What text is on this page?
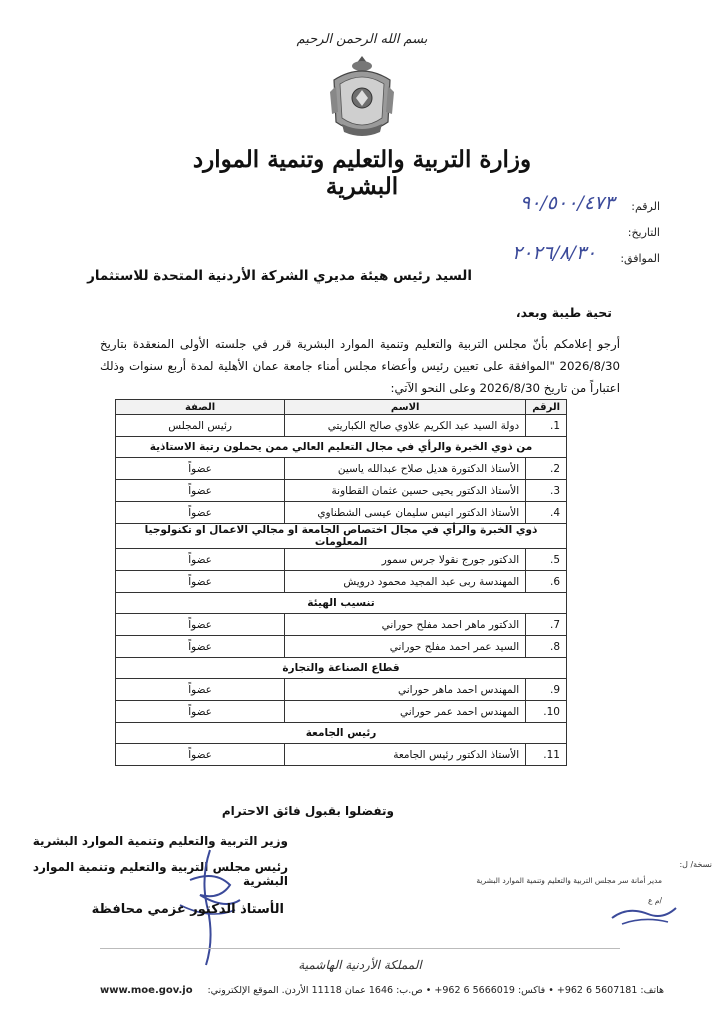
بسم الله الرحمن الرحيم
وزارة التربية والتعليم وتنمية الموارد البشرية
الرقم:
٩٠/٥٠٠/٤٧٣
التاريخ:
الموافق:
٢٠٢٦/٨/٣٠
السيد رئيس هيئة مديري الشركة الأردنية المتحدة للاستثمار
تحية طيبة وبعد،
أرجو إعلامكم بأنّ مجلس التربية والتعليم وتنمية الموارد البشرية قرر في جلسته الأولى المنعقدة بتاريخ 2026/8/30 "الموافقة على تعيين رئيس وأعضاء مجلس أمناء جامعة عمان الأهلية لمدة أربع سنوات وذلك اعتباراً من تاريخ 2026/8/30 وعلى النحو الآتي:
الرقم	الاسم	الصفة
1.	دولة السيد عبد الكريم علاوي صالح الكباريتي	رئيس المجلس
من ذوي الخبرة والرأي في مجال التعليم العالي ممن يحملون رتبة الاستاذية		
2.	الأستاذ الدكتورة هديل صلاح عبدالله ياسين	عضواً
3.	الأستاذ الدكتور يحيى حسين عثمان القطاونة	عضواً
4.	الأستاذ الدكتور انيس سليمان عيسى الشطناوي	عضواً
ذوي الخبرة والرأي في مجال اختصاص الجامعة او مجالي الاعمال او تكنولوجيا المعلومات		
5.	الدكتور جورج نقولا جرس سمور	عضواً
6.	المهندسة ربى عبد المجيد محمود درويش	عضواً
تنسيب الهيئة		
7.	الدكتور ماهر احمد مفلح حوراني	عضواً
8.	السيد عمر احمد مفلح حوراني	عضواً
قطاع الصناعة والتجارة		
9.	المهندس احمد ماهر حوراني	عضواً
10.	المهندس احمد عمر حوراني	عضواً
رئيس الجامعة		
11.	الأستاذ الدكتور رئيس الجامعة	عضواً
وتفضلوا بقبول فائق الاحترام
وزير التربية والتعليم وتنمية الموارد البشرية
رئيس مجلس التربية والتعليم وتنمية الموارد البشرية
الأستاذ الدكتور عزمي محافظة
نسخة/ ل:
مدير أمانة سر مجلس التربية والتعليم وتنمية الموارد البشرية
/م ع
المملكة الأردنية الهاشمية
هاتف: 5607181 6 962+ • فاكس: 5666019 6 962+ • ص.ب: 1646 عمان 11118 الأردن. الموقع الإلكتروني:
www.moe.gov.jo
